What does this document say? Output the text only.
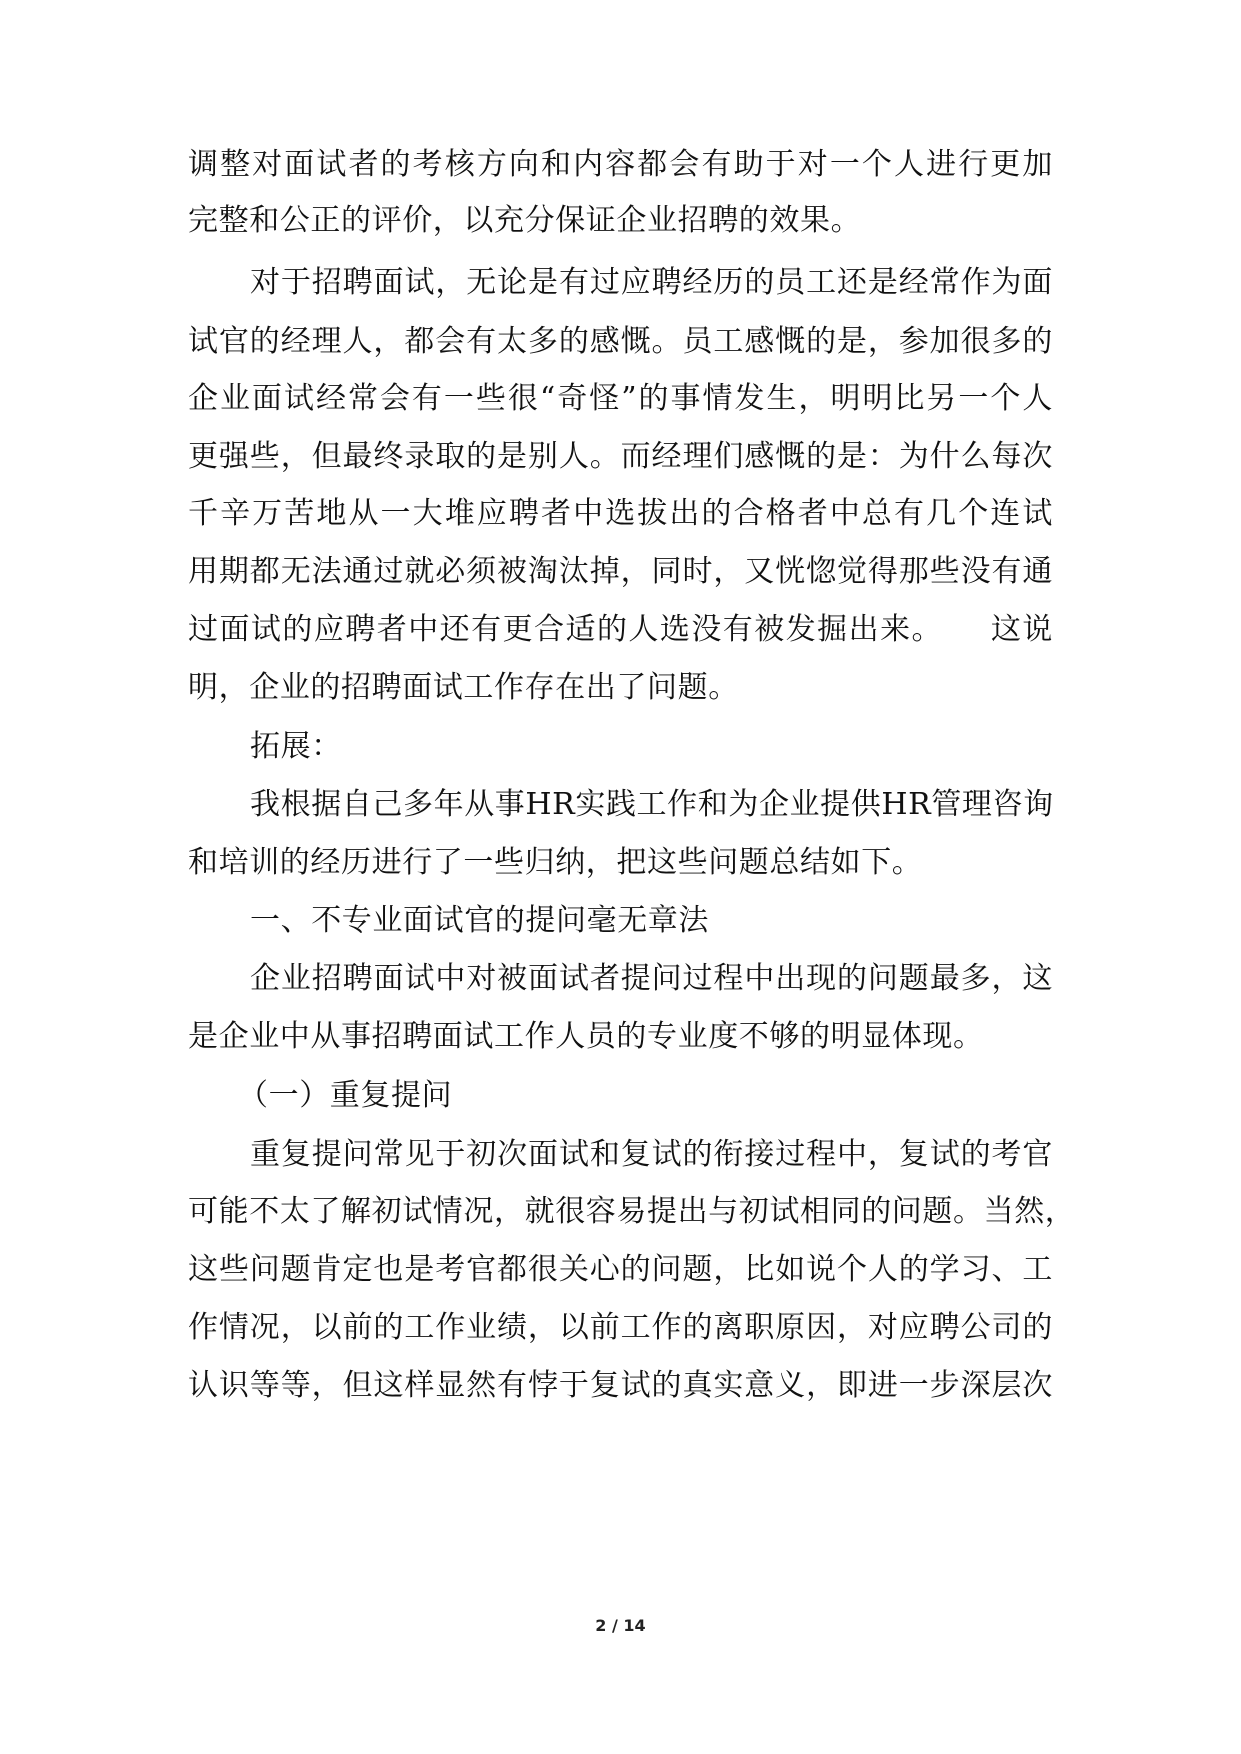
调整对面试者的考核方向和内容都会有助于对一个人进行更加
完整和公正的评价，以充分保证企业招聘的效果。
对于招聘面试，无论是有过应聘经历的员工还是经常作为面
试官的经理人，都会有太多的感慨。员工感慨的是，参加很多的
企业面试经常会有一些很“奇怪”的事情发生，明明比另一个人
更强些，但最终录取的是别人。而经理们感慨的是：为什么每次
千辛万苦地从一大堆应聘者中选拔出的合格者中总有几个连试
用期都无法通过就必须被淘汰掉，同时，又恍惚觉得那些没有通
过面试的应聘者中还有更合适的人选没有被发掘出来。　　这说
明，企业的招聘面试工作存在出了问题。
拓展：
我根据自己多年从事HR实践工作和为企业提供HR管理咨询
和培训的经历进行了一些归纳，把这些问题总结如下。
一、不专业面试官的提问毫无章法
企业招聘面试中对被面试者提问过程中出现的问题最多，这
是企业中从事招聘面试工作人员的专业度不够的明显体现。
（一）重复提问
重复提问常见于初次面试和复试的衔接过程中，复试的考官
可能不太了解初试情况，就很容易提出与初试相同的问题。当然，
这些问题肯定也是考官都很关心的问题，比如说个人的学习、工
作情况，以前的工作业绩，以前工作的离职原因，对应聘公司的
认识等等，但这样显然有悖于复试的真实意义，即进一步深层次
2 / 14
